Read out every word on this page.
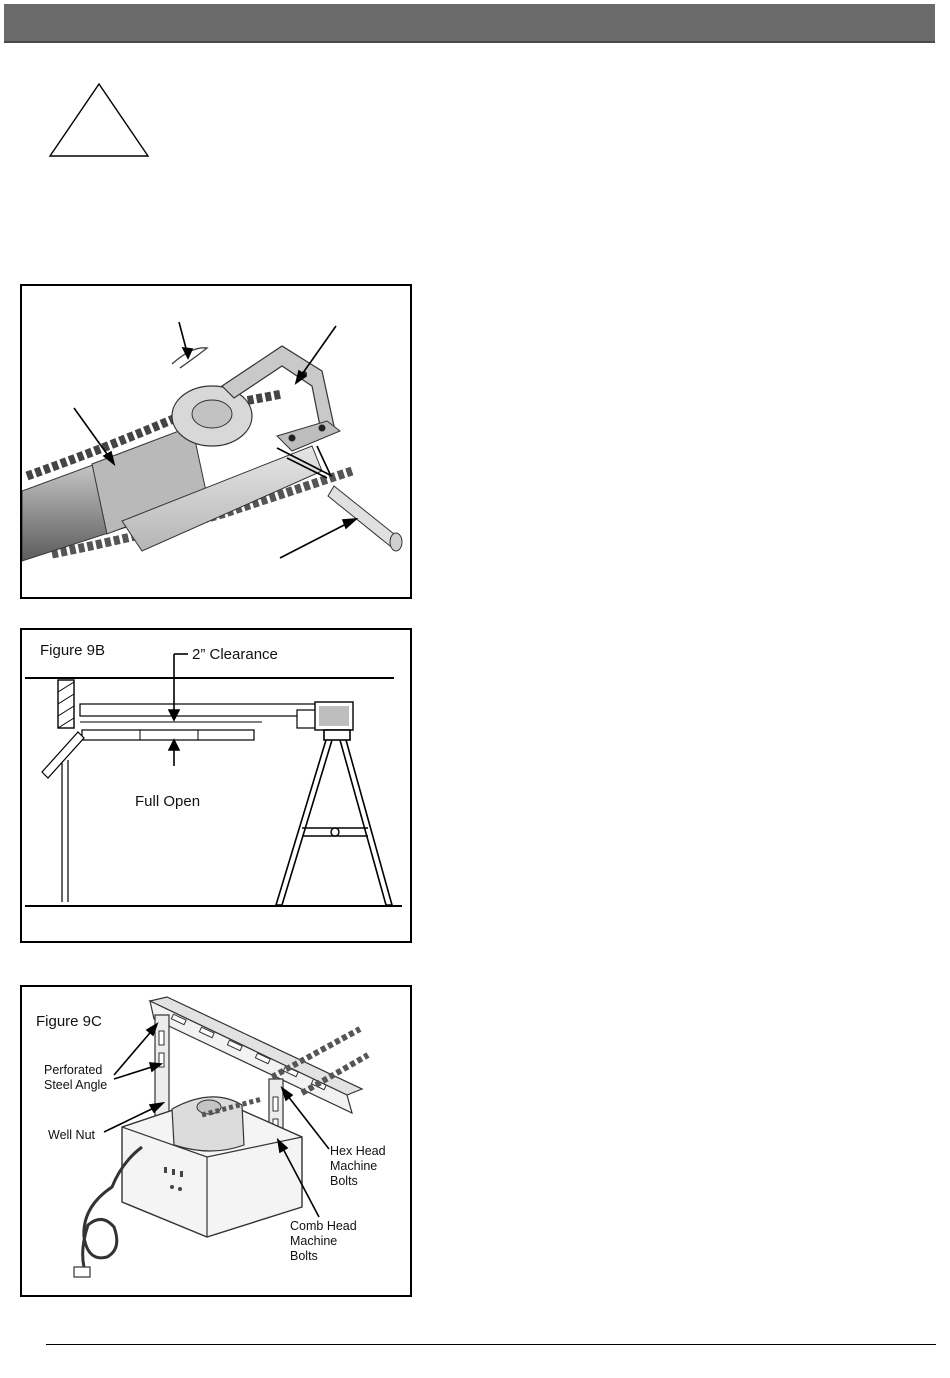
Figure 9B	2” Clearance
Full Open
Figure 9C
Perforated
Steel Angle
Well Nut
Hex Head
Machine
Bolts
Comb Head
Machine
Bolts
